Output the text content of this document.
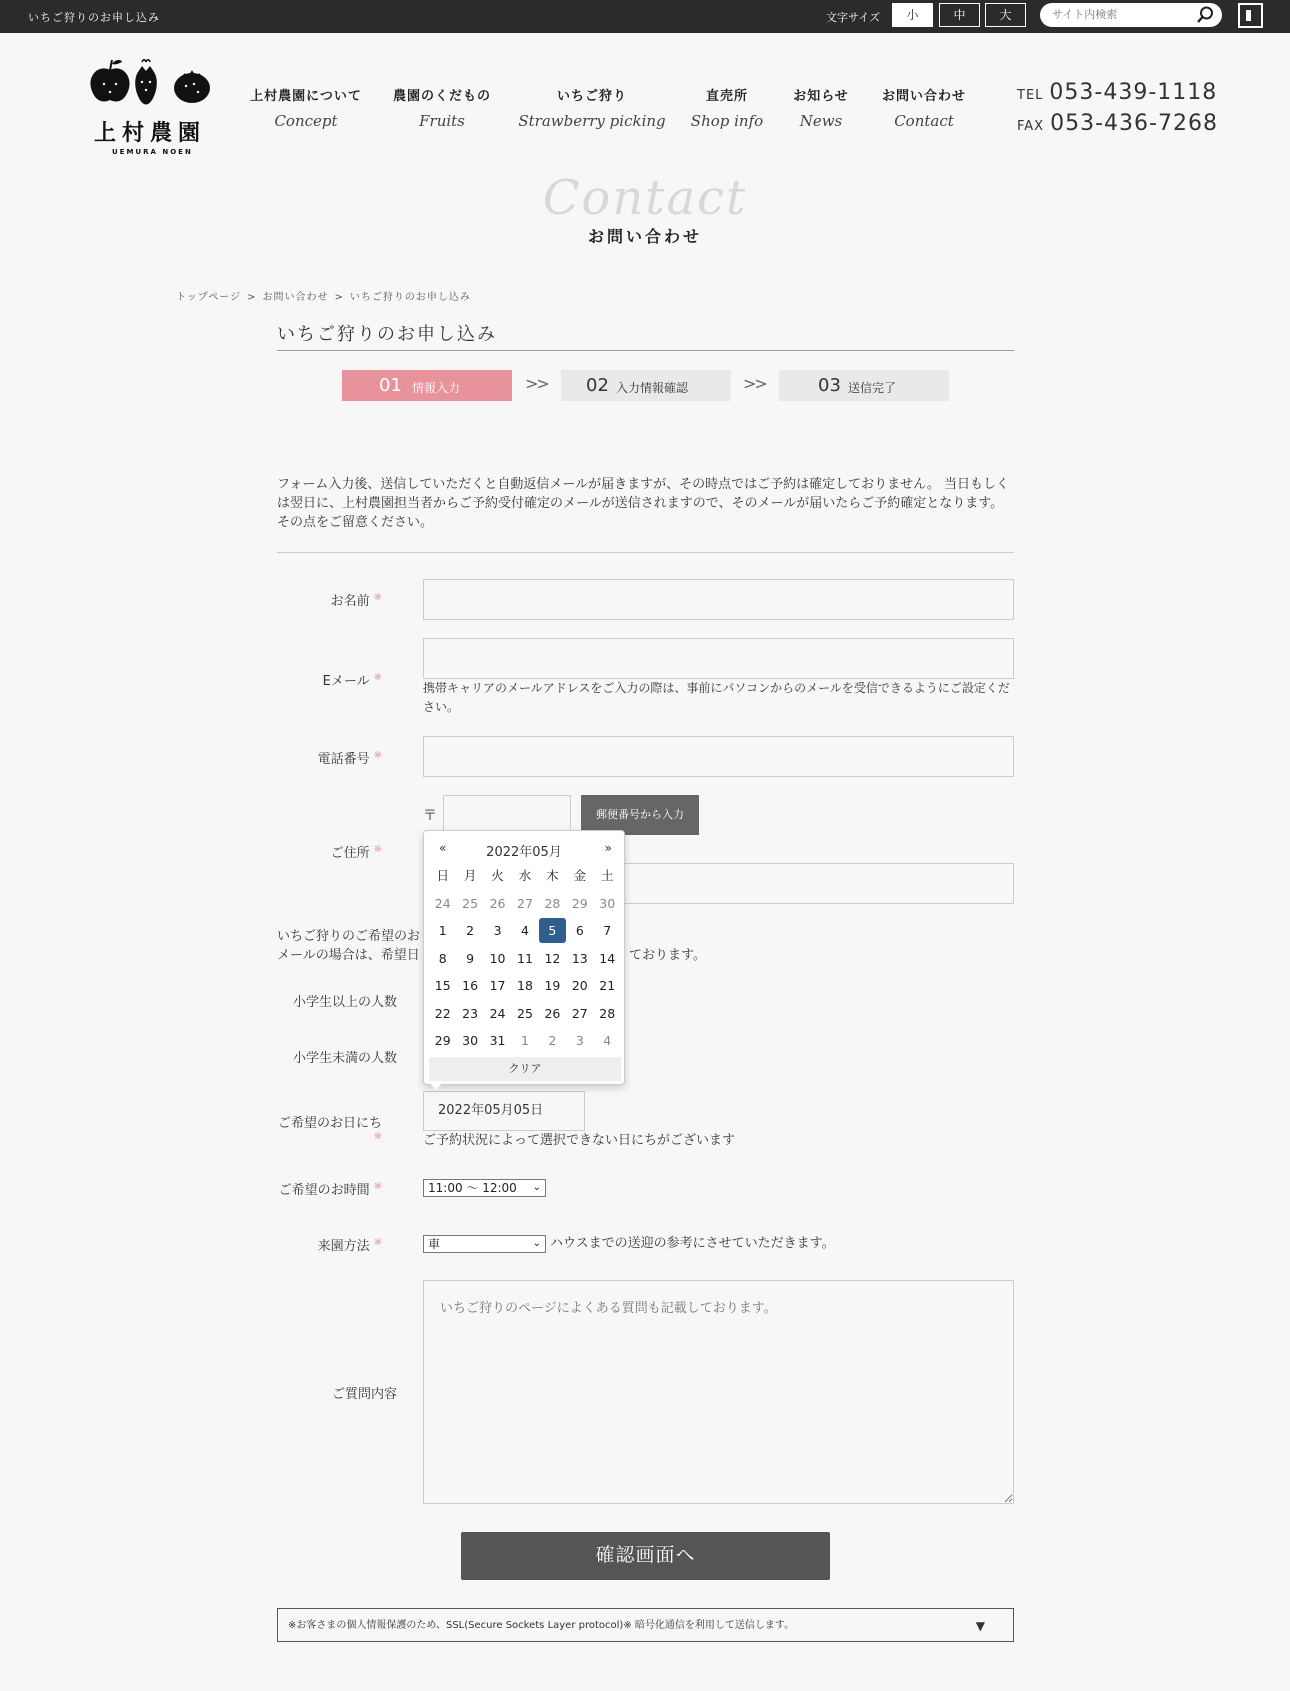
いちご狩りのお申し込み	文字サイズ	小	中	大
サイト内検索
上村農園
UEMURA NOEN
上村農園について
Concept
農園のくだもの
Fruits
いちご狩り
Strawberry picking
直売所
Shop info
お知らせ
News
お問い合わせ
Contact
TEL 053-439-1118
FAX 053-436-7268
Contact
お問い合わせ
トップページ > お問い合わせ > いちご狩りのお申し込み
いちご狩りのお申し込み
01 情報入力	>> 02 入力情報確認	>>	03 送信完了
フォーム入力後、送信していただくと自動返信メールが届きますが、その時点ではご予約は確定しておりません。 当日もしくは翌日に、上村農園担当者からご予約受付確定のメールが送信されますので、そのメールが届いたらご予約確定となります。その点をご留意ください。
お名前 ※
Eメール ※
携帯キャリアのメールアドレスをご入力の際は、事前にパソコンからのメールを受信できるようにご設定ください。
電話番号 ※
〒	郵便番号から入力
ご住所 ※
いちご狩りのご希望のお
メールの場合は、希望日	ております。
小学生以上の人数
小学生未満の人数
ご希望のお日にち※
2022年05月05日
ご予約状況によって選択できない日にちがございます
ご希望のお時間 ※	11:00 〜 12:00 ⌄
来園方法 ※	車	⌄ ハウスまでの送迎の参考にさせていただきます。
ご質問内容
いちご狩りのページによくある質問も記載しております。
確認画面へ
※お客さまの個人情報保護のため、SSL(Secure Sockets Layer protocol)※ 暗号化通信を利用して送信します。	▼
«	2022年05月	»
日	月	火	水	木	金	土
24 25 26 27 28 29 30
1	2	3	4	5	6	7
8	9	10 11 12 13 14
15 16 17 18 19 20 21
22 23 24 25 26 27 28
29 30 31	1	2	3	4
クリア
